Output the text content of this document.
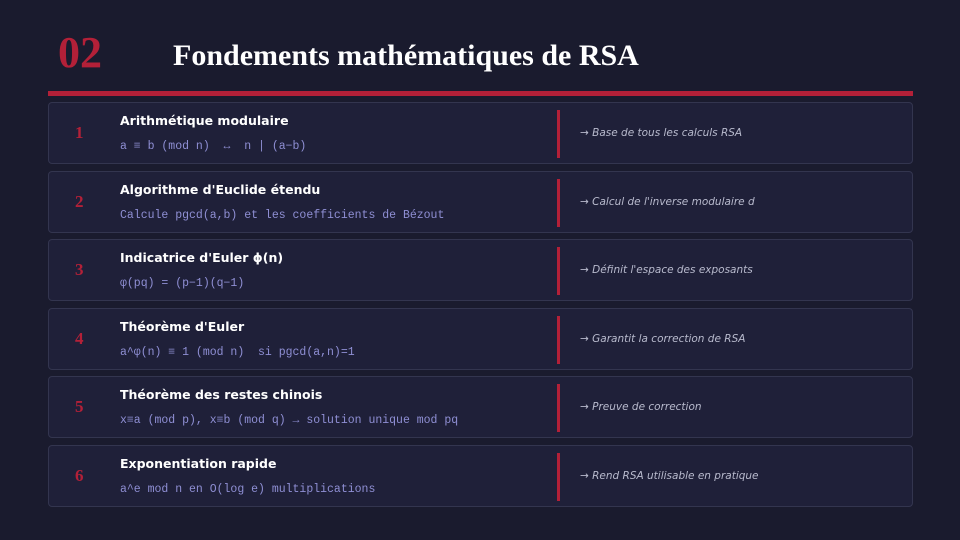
02 Fondements mathématiques de RSA
1
Arithmétique modulaire
a ≡ b (mod n)  ↔  n | (a−b)
→ Base de tous les calculs RSA
2
Algorithme d'Euclide étendu
Calcule pgcd(a,b) et les coefficients de Bézout
→ Calcul de l'inverse modulaire d
3
Indicatrice d'Euler ϕ(n)
φ(pq) = (p−1)(q−1)
→ Définit l'espace des exposants
4
Théorème d'Euler
a^φ(n) ≡ 1 (mod n)  si pgcd(a,n)=1
→ Garantit la correction de RSA
5
Théorème des restes chinois
x≡a (mod p), x≡b (mod q) → solution unique mod pq
→ Preuve de correction
6
Exponentiation rapide
a^e mod n en O(log e) multiplications
→ Rend RSA utilisable en pratique
